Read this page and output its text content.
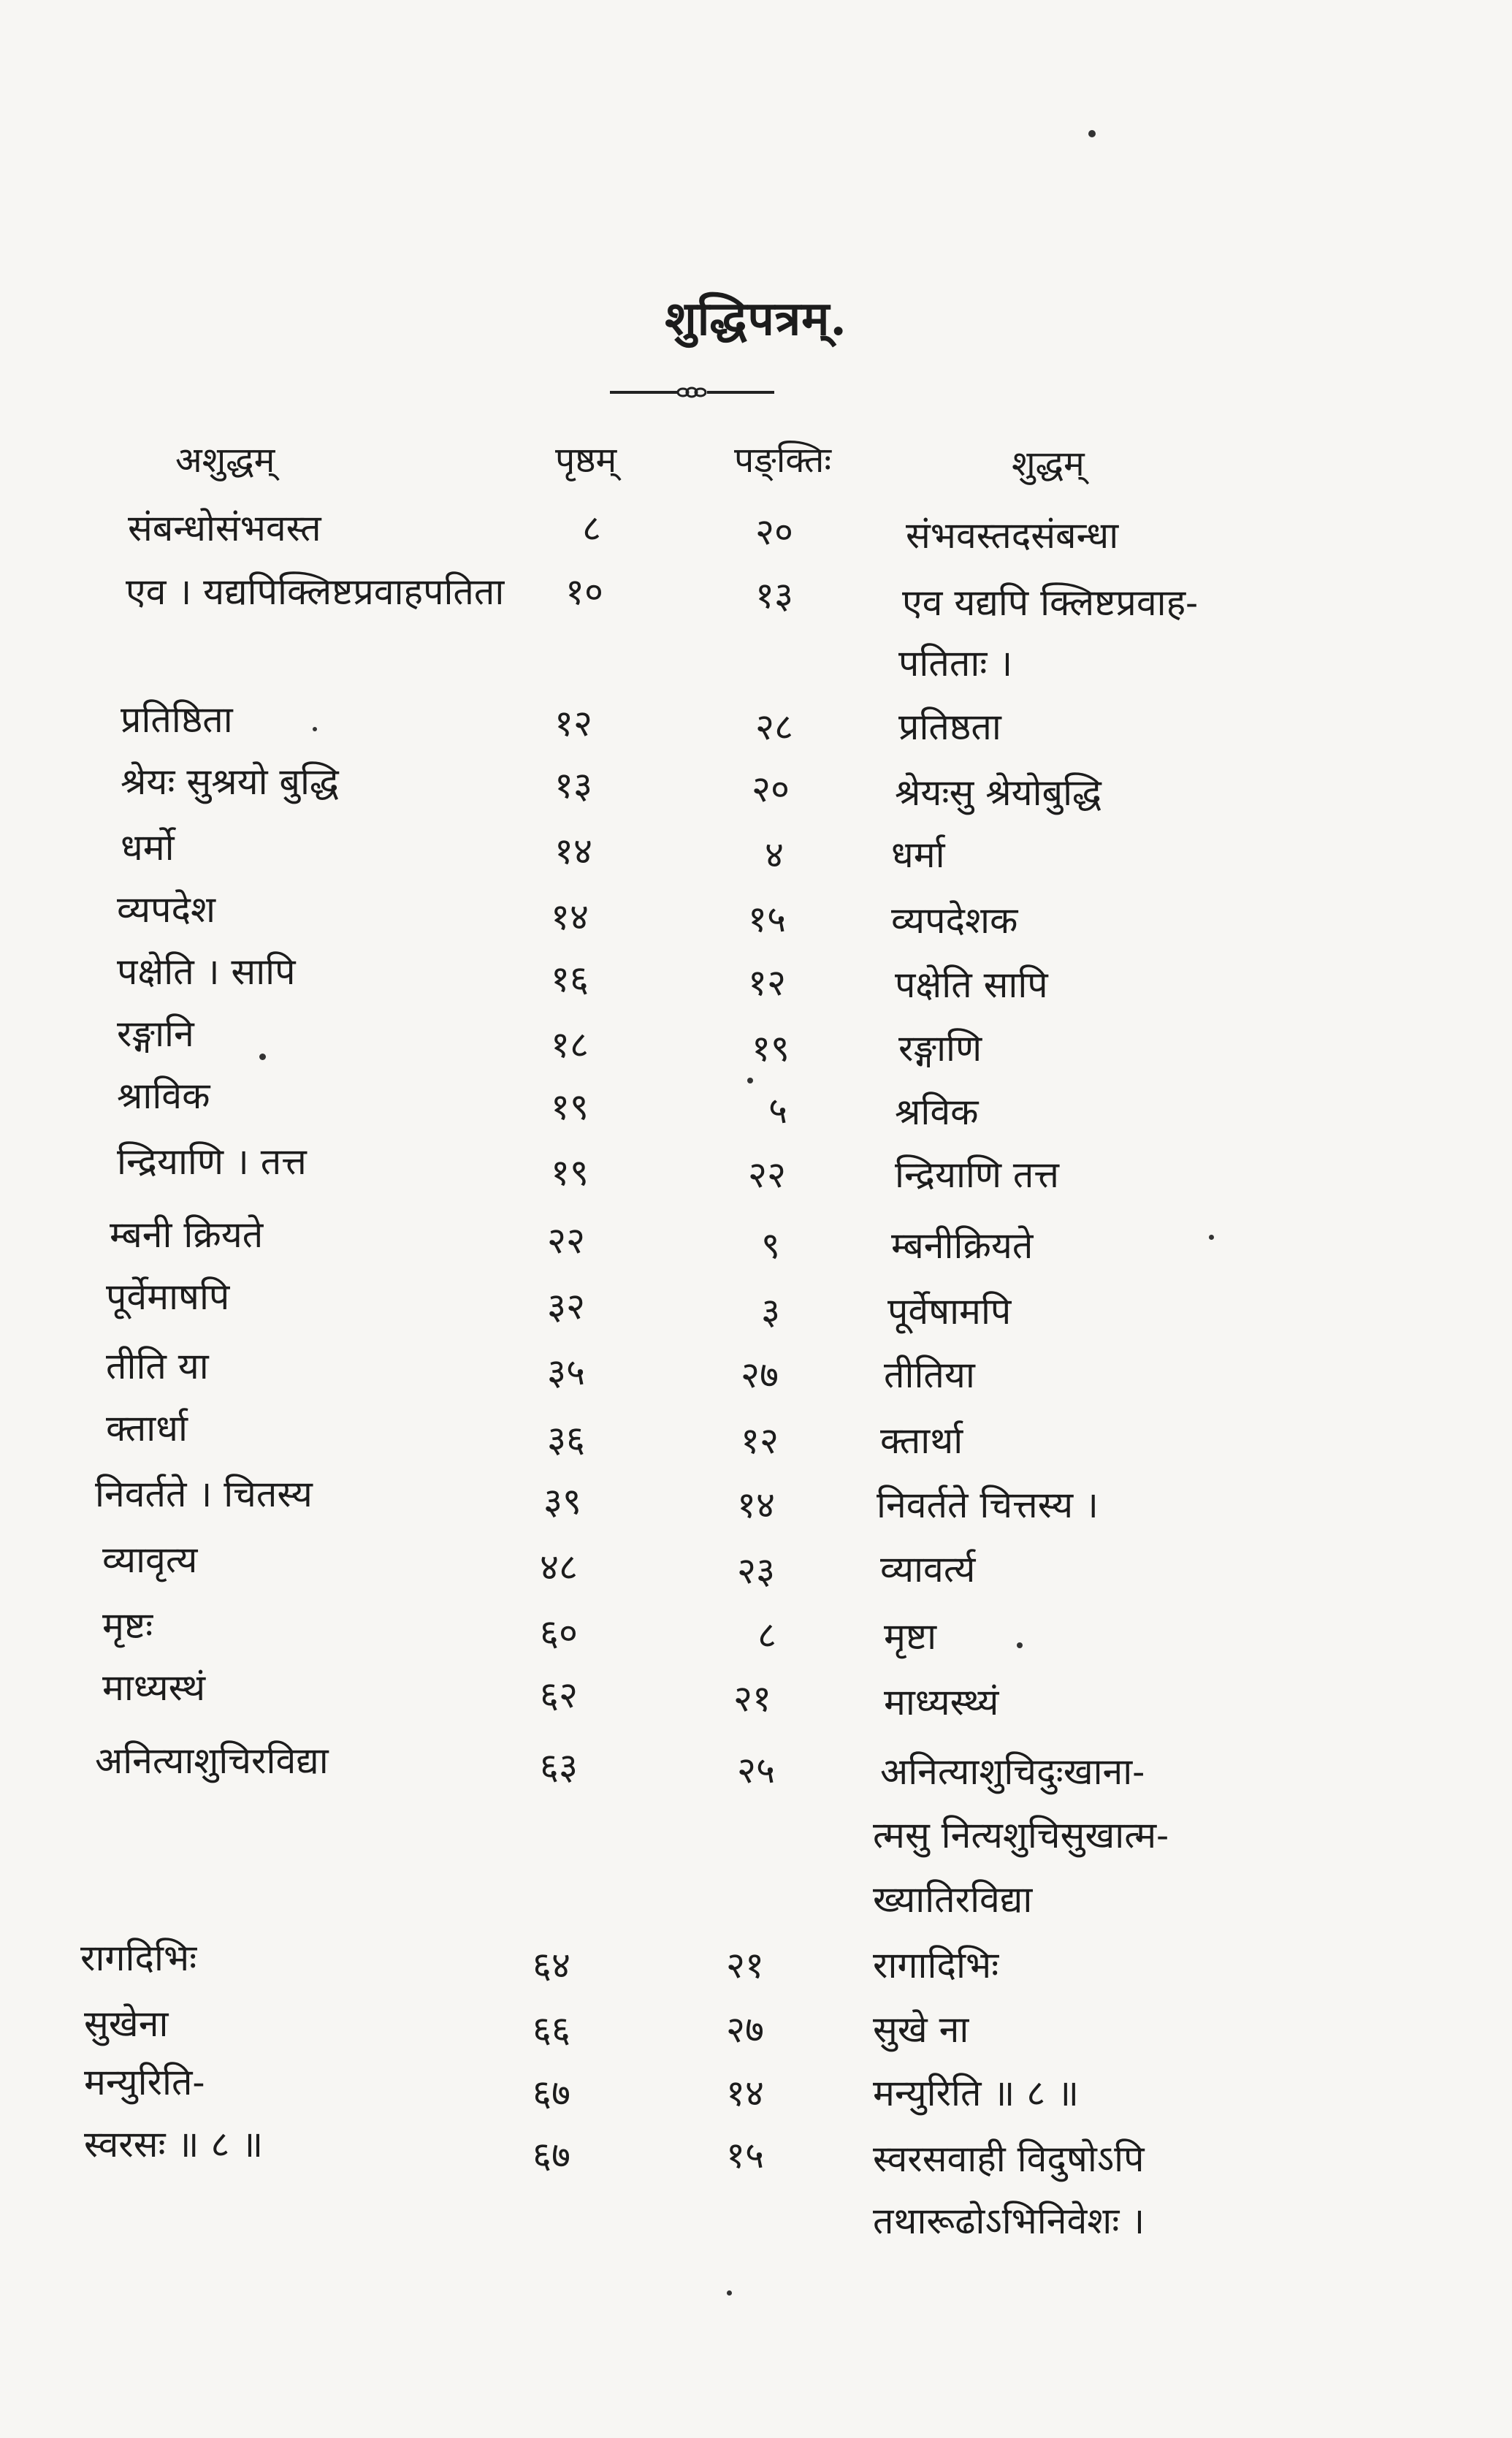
शुद्धिपत्रम्.
अशुद्धम्	पृष्ठम्	पङ्क्तिः	शुद्धम्
संबन्धोसंभवस्त	८	२०	संभवस्तदसंबन्धा
एव । यद्यपिक्लिष्टप्रवाहपतिता	१०	१३	एव यद्यपि क्लिष्टप्रवाह-
पतिताः ।
प्रतिष्ठिता	१२	२८	प्रतिष्ठता
श्रेयः सुश्रयो बुद्धि	१३	२०	श्रेयःसु श्रेयोबुद्धि
धर्मो	१४	४	धर्मा
व्यपदेश	१४	१५	व्यपदेशक
पक्षेति । सापि	१६	१२	पक्षेति सापि
रङ्गानि	१८	१९	रङ्गाणि
श्राविक	१९	५	श्रविक
न्द्रियाणि । तत्त	१९	२२	न्द्रियाणि तत्त
म्बनी क्रियते	२२	९	म्बनीक्रियते
पूर्वेमाषपि	३२	३	पूर्वेषामपि
तीति या	३५	२७	तीतिया
क्तार्धा	३६	१२	क्तार्था
निवर्तते । चितस्य	३९	१४	निवर्तते चित्तस्य ।
व्यावृत्य	४८	२३	व्यावर्त्य
मृष्टः	६०	८	मृष्टा
माध्यस्थं	६२	२१	माध्यस्थ्यं
अनित्याशुचिरविद्या	६३	२५	अनित्याशुचिदुःखाना-
त्मसु नित्यशुचिसुखात्म-
ख्यातिरविद्या
रागदिभिः	६४	२१	रागादिभिः
सुखेना	६६	२७	सुखे ना
मन्युरिति-	६७	१४	मन्युरिति ॥ ८ ॥
स्वरसः ॥ ८ ॥	६७	१५	स्वरसवाही विदुषोऽपि
तथारूढोऽभिनिवेशः ।
